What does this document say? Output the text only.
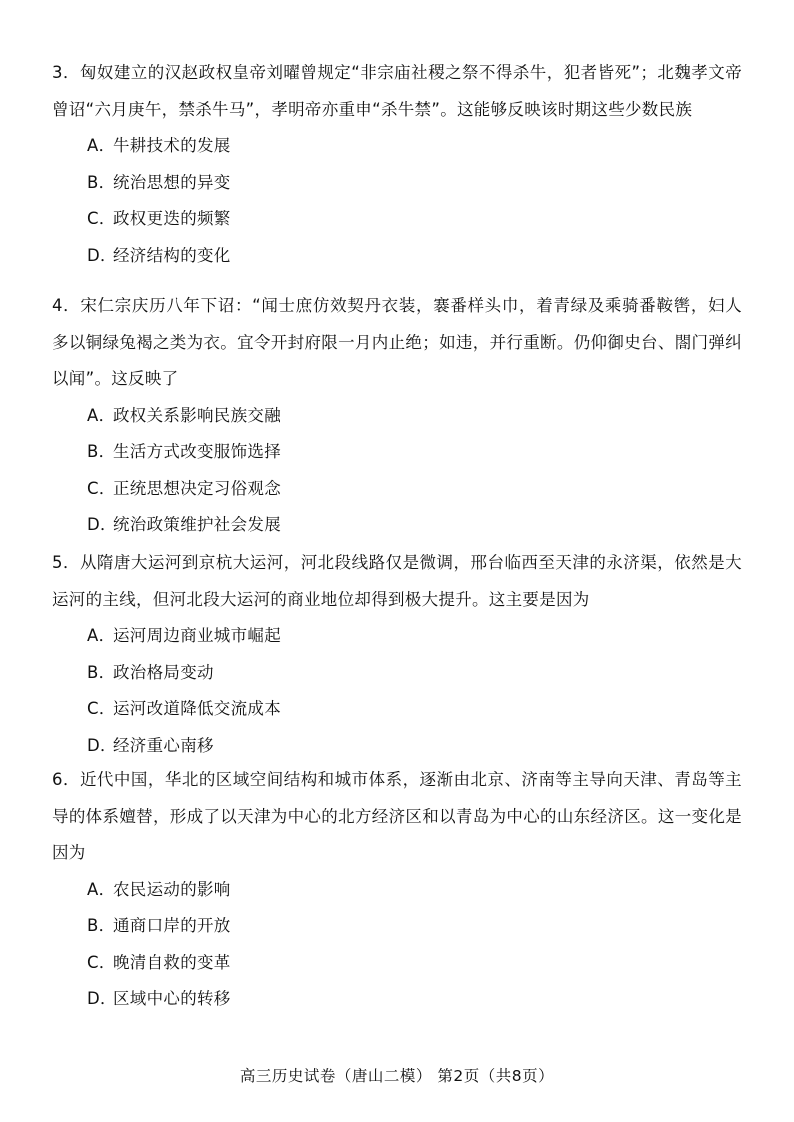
3．匈奴建立的汉赵政权皇帝刘曜曾规定“非宗庙社稷之祭不得杀牛，犯者皆死”；北魏孝文帝曾诏“六月庚午，禁杀牛马”，孝明帝亦重申“杀牛禁”。这能够反映该时期这些少数民族

A．
牛耕技术的发展
B．
统治思想的异变
C．
政权更迭的频繁
D．
经济结构的变化

4．宋仁宗庆历八年下诏：“闻士庶仿效契丹衣装，褰番样头巾，着青绿及乘骑番鞍辔，妇人多以铜绿兔褐之类为衣。宜令开封府限一月内止绝；如违，并行重断。仍仰御史台、閤门弹纠以闻”。这反映了

A．
政权关系影响民族交融
B．
生活方式改变服饰选择
C．
正统思想决定习俗观念
D．
统治政策维护社会发展

5．从隋唐大运河到京杭大运河，河北段线路仅是微调，邢台临西至天津的永济渠，依然是大运河的主线，但河北段大运河的商业地位却得到极大提升。这主要是因为

A．
运河周边商业城市崛起
B．
政治格局变动
C．
运河改道降低交流成本
D．
经济重心南移

6．近代中国，华北的区域空间结构和城市体系，逐渐由北京、济南等主导向天津、青岛等主导的体系嬗替，形成了以天津为中心的北方经济区和以青岛为中心的山东经济区。这一变化是因为

A．
农民运动的影响
B．
通商口岸的开放
C．
晚清自救的变革
D．
区域中心的转移
高三历史试卷（唐山二模） 第2页（共8页）
